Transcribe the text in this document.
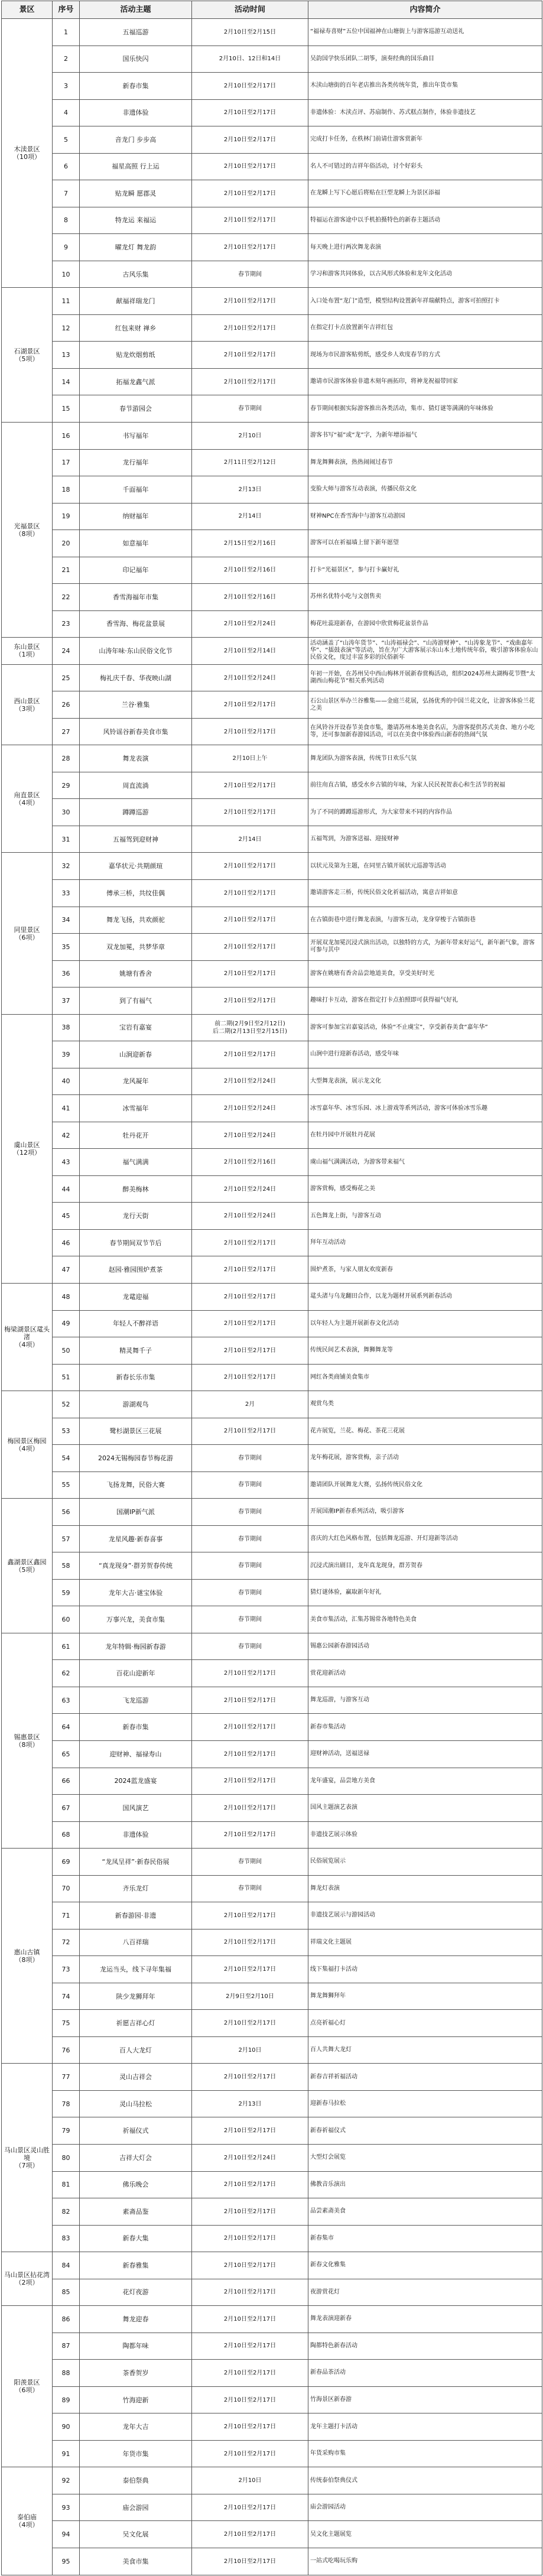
景区	序号	活动主题	活动时间	内容简介
木渎景区
（10项）	1	五福巡游	2月10日至2月15日	“福禄寿喜财”五位中国福神在山塘街上与游客巡游互动送礼
	2	国乐快闪	2月10日、12日和14日	吴韵国学快乐团队二胡筝，演奏经典的国乐曲目
	3	新春市集	2月10日至2月17日	木渎山塘街的百年老店推出各类传统年货，推出年货市集
	4	非遗体验	2月10日至2月17日	非遗体验：木渎点评、苏扇制作、苏式糕点制作，体验非遗技艺
	5	音龙门 步步高	2月10日至2月17日	完成打卡任务，在秩林门前请仕游客赏新年
	6	福星高照 行上运	2月10日至2月17日	名人不可错过的吉祥年俗活动，讨个好彩头
	7	贴龙瞬 愿郡灵	2月10日至2月17日	在龙瞬上写下心愿后将贴在巨型龙瞬上为景区添福
	8	特龙运 来福运	2月10日至2月17日	特福运在游客途中以手机拍摄特色的新春主题活动
	9	曜龙灯 舞龙韵	2月10日至2月17日	每天晚上进行两次舞龙表演
	10	古风乐集	春节期间	学习和游客共同体验，以古风形式体验和龙年文化活动
石湖景区
（5项）	11	献福祥瑞龙门	2月10日至2月17日	入口处布置“龙门”造型，模型结构设置新年祥瑞献特点，游客可拍照打卡
	12	红包来财 禅乡	2月10日至2月17日	在指定打卡点放置新年吉祥红包
	13	贴龙炊烟剪纸	2月10日至2月17日	现场为市民游客贴剪纸，感受乡人欢度春节的方式
	14	拓福龙鑫气派	2月10日至2月17日	邀请市民游客体验非遗木刻年画拓印，将神龙祝福带回家
	15	春节游园会	春节期间	春节期间根据实际游客推出各类活动，集市、猜灯谜等满满的年味体验
光福景区
（8项）	16	书写福年	2月10日	游客书写“福”或“龙”字，为新年增添福气
	17	龙行福年	2月11日至2月12日	舞龙舞狮表演，热热闹闹过春节
	18	千面福年	2月13日	变脸大师与游客互动表演，传播民俗文化
	19	纳财福年	2月14日	财神NPC在香雪海中与游客互动游园
	20	如意福年	2月15日至2月16日	游客可以在祈福墙上留下新年愿望
	21	印记福年	2月10日至2月16日	打卡“光福景区”，参与打卡赢好礼
	22	香雪海福年市集	2月10日至2月16日	苏州名优特小吃与文创售卖
	23	香雪海、梅花盆景展	2月10日至2月24日	梅花吐蕊迎新春，在游园中欣赏梅花盆景作品
东山景区
（1项）	24	山涛年味·东山民俗文化节	2月10日至2月14日	活动涵盖了“山涛年货节”、“山涛福禄会”、“山涛游财神”、“山涛象龙节”、“戏曲嘉年华”、“擂鼓表演”等活动，旨在为广大游客展示东山本土地传统年俗，吸引游客体验东山民俗文化，度过丰富多彩的民俗新年
西山景区
（3项）	25	梅礼庆千春、华夜映山湖	2月10日至2月24日	年初一开始，在苏州吴中西山梅林开展新春赏梅活动，组织2024苏州太湖梅花节暨“太湖西山梅花节”相关系列活动
	26	兰谷·雅集	2月10日至2月17日	石公山景区举办兰谷雅集——金庭兰花展，弘扬优秀的中国兰花文化，让游客体验兰花之美
	27	风铃谣谷新春美食市集	2月10日至2月17日	在风铃谷开设春节美食市集，邀请苏州本地美食名店，为游客提供苏式美食、地方小吃等，还可参加新春游园活动，可以在美食中体验西山新春的热闹气氛
甪直景区
（4项）	28	舞龙表演	2月10日上午	舞龙团队为游客表演，传统节日欢乐气氛
	29	周直流淌	2月10日至2月17日	前往甪直古镇，感受水乡古镇的年味，为家人民民祝贺表心和生活节的祝福
	30	蹲蹲巡游	2月10日至2月17日	为了不同的蹲蹲巡游形式，为大家带来不同的内容作品
	31	五福驾到迎财神	2月14日	五福驾到，为游客送福、迎接财神
同里景区
（6项）	32	嘉华状元·共期颜瑄	2月10日至2月17日	以状元及第为主题，在同里古镇开展状元巡游等活动
	33	傅承三桥，共纹佳偶	2月10日至2月17日	邀请游客走三桥，传统民俗文化祈福活动，寓意吉祥如意
	34	舞龙飞扬，共欢颜驼	2月10日至2月17日	在古镇街巷中进行舞龙表演，与游客互动，龙身穿梭于古镇街巷
	35	双龙加冕，共梦华章	2月10日至2月17日	开展双龙加冕沉浸式演出活动，以独特的方式，为新年带来好运气，新年新气象，游客可参与其中
	36	姚塘有香舍	2月10日至2月17日	游客在姚塘有香舍品尝地道美食，享受美好时光
	37	到了有福气	2月10日至2月17日	趣味打卡互动，游客在指定打卡点拍照即可获得福气好礼
虞山景区
（12项）	38	宝岩有嘉宴	前二期(2月9日至2月12日)
后二期(2月13日至2月15日)	游客可参加宝岩嘉宴活动，体验“不止虞宝”，享受新春美食“嘉年华”
	39	山涧迎新春	2月10日至2月17日	山涧中进行迎新春活动，感受年味
	40	龙风凝年	2月10日至2月24日	大型舞龙表演，展示龙文化
	41	冰雪福年	2月10日至2月24日	冰雪嘉年华、冰雪乐园、冰上游戏等系列活动，游客可体验冰雪乐趣
	42	牡丹花开	2月10日至2月24日	在牡丹园中开展牡丹花展
	43	福气满满	2月10日至2月16日	虞山福气满满活动，为游客带来福气
	44	醉美梅林	2月10日至2月24日	游客赏梅，感受梅花之美
	45	龙行天街	2月10日至2月24日	五色舞龙上街，与游客互动
	46	春节期间双节节后	2月10日至2月17日	拜年互动活动
	47	赵园·雅园围炉煮茶	2月10日至2月17日	围炉煮茶，与家人朋友欢度新春
梅梁湖景区鼋头渚
（4项）	48	龙鼋迎福	2月10日至2月17日	鼋头渚与乌龙翻田合作，以龙为题材开展系列新春活动
	49	年轻人不醉祥语	2月10日至2月17日	以年轻人为主题开展新春文化活动
	50	精灵舞千子	2月10日至2月17日	传统民间艺术表演，舞狮舞龙等
	51	新春长乐市集	2月10日至2月17日	网红各类商铺美食集市
梅园景区梅园
（4项）	52	游湖观鸟	2月	观赏鸟类
	53	鹭杉湖景区三花展	2月10日至2月17日	花卉展览，兰花、梅花、茶花三花展
	54	2024无锡梅园春节梅花游	春节期间	龙年梅花展，游客赏梅，亲子活动
	55	飞扬龙舞，民俗大赛	春节期间	邀请团队开展舞龙大赛，弘扬传统民俗文化
鑫湖景区鑫园
（5项）	56	国潮IP新气派	春节期间	开展国潮IP新春系列活动，吸引游客
	57	龙星风趣·新春喜事	春节期间	喜庆的大红色风格布置，包括舞龙巡游、开灯迎新等活动
	58	“真龙现身”·群芳贺春传统	春节期间	沉浸式演出剧目，龙年真龙现身，群芳贺春
	59	龙年大吉·谜宝体验	春节期间	猜灯谜体验，赢取新年好礼
	60	万事兴龙，美食市集	春节期间	美食市集活动，汇集苏锡常各地特色美食
锡惠景区
（8项）	61	龙年特辑·梅园新春游	春节期间	锡惠公园新春游园活动
	62	百花山迎新年	2月10日至2月17日	赏花迎新活动
	63	飞龙巡游	2月10日至2月17日	舞龙巡游，与游客互动
	64	新春市集	2月10日至2月17日	新春市集活动
	65	迎财神、福禄寿山	2月10日至2月17日	迎财神活动，送福送禄
	66	2024蓝龙盛宴	2月10日至2月17日	龙年盛宴，品尝地方美食
	67	国风演艺	2月10日至2月17日	国风主题演艺表演
	68	非遗体验	2月10日至2月17日	非遗技艺展示体验
惠山古镇
（8项）	69	“龙凤呈祥”·新春民俗展	春节期间	民俗展览展示
	70	齐乐龙灯	春节期间	舞龙灯表演
	71	新春游园·非遗	2月10日至2月17日	非遗技艺展示与游园活动
	72	八百祥瑞	2月10日至2月17日	祥瑞文化主题展
	73	龙运当头，线下寻年集福	2月10日至2月17日	线下集福打卡活动
	74	陕少龙狮拜年	2月9日至2月10日	舞龙舞狮拜年
	75	祈愿吉祥心灯	2月10日至2月17日	点亮祈福心灯
	76	百人大龙灯	2月10日	百人共舞大龙灯
马山景区灵山胜境
（7项）	77	灵山吉祥会	2月10日至2月17日	新春吉祥祈福活动
	78	灵山马拉松	2月13日	迎新春马拉松
	79	祈福仪式	2月10日至2月17日	新春祈福仪式
	80	吉祥大灯会	2月10日至2月24日	大型灯会展览
	81	佛乐晚会	2月10日至2月17日	佛教音乐演出
	82	素斋品鉴	2月10日至2月17日	品尝素斋美食
	83	新春大集	2月10日至2月17日	新春集市
马山景区拈花湾
（2项）	84	新春雅集	2月10日至2月17日	新春文化雅集
	85	花灯夜游	2月10日至2月17日	夜游赏花灯
阳羡景区
（6项）	86	舞龙迎春	2月10日至2月17日	舞龙表演迎新春
	87	陶都年味	2月10日至2月17日	陶都特色新春活动
	88	茶香贺岁	2月10日至2月17日	新春品茶活动
	89	竹海迎新	2月10日至2月17日	竹海景区新春游
	90	龙年大吉	2月10日至2月17日	龙年主题打卡活动
	91	年货市集	2月10日至2月17日	年货采购市集
泰伯庙
（4项）	92	泰伯祭典	2月10日	传统泰伯祭典仪式
	93	庙会游园	2月10日至2月17日	庙会游园活动
	94	吴文化展	2月10日至2月17日	吴文化主题展览
	95	美食市集	2月10日至2月17日	一站式吃喝玩乐购
